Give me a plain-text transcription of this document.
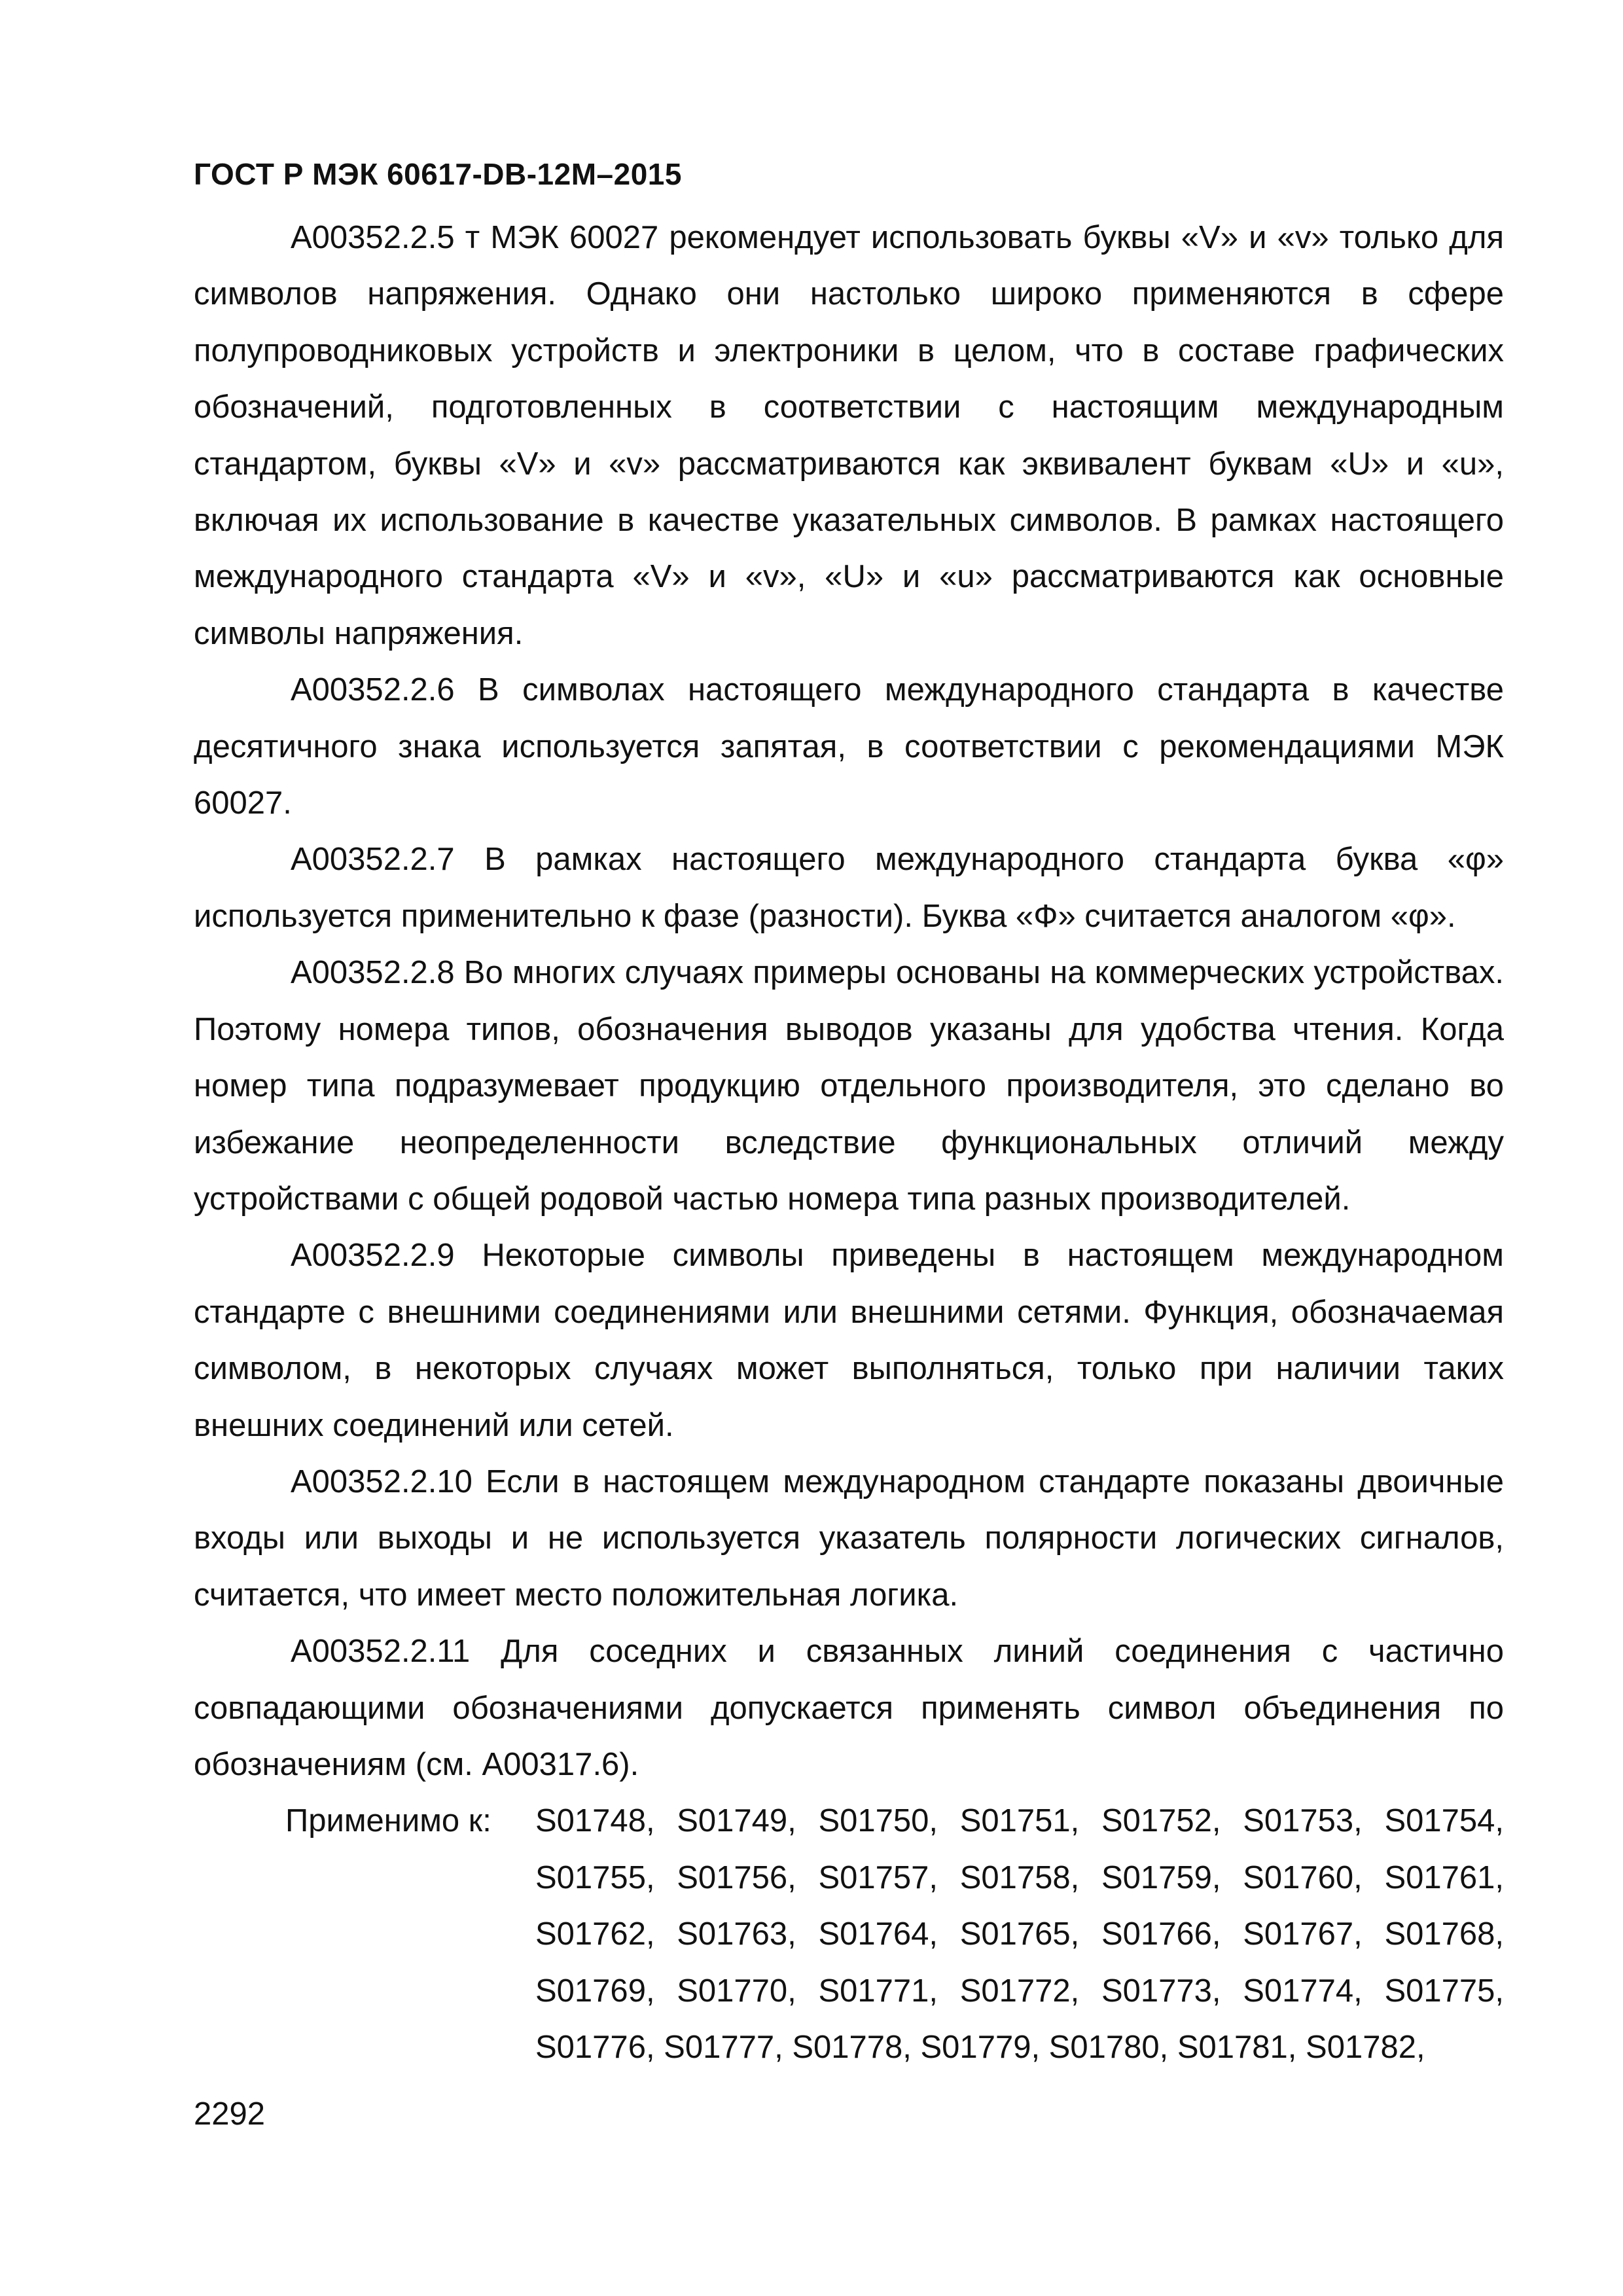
ГОСТ Р МЭК 60617-DB-12M–2015

A00352.2.5 т МЭК 60027 рекомендует использовать буквы «V» и «v» только для символов напряжения. Однако они настолько широко применяются в сфере полупроводниковых устройств и электроники в целом, что в составе графических обозначений, подготовленных в соответствии с настоящим международным стандартом, буквы «V» и «v» рассматриваются как эквивалент буквам «U» и «u», включая их использование в качестве указательных символов. В рамках настоящего международного стандарта «V» и «v», «U» и «u» рассматриваются как основные символы напряжения.

A00352.2.6 В символах настоящего международного стандарта в качестве десятичного знака используется запятая, в соответствии с рекомендациями МЭК 60027.

A00352.2.7 В рамках настоящего международного стандарта буква «φ» используется применительно к фазе (разности). Буква «Ф» считается аналогом «φ».

A00352.2.8 Во многих случаях примеры основаны на коммерческих устройствах. Поэтому номера типов, обозначения выводов указаны для удобства чтения. Когда номер типа подразумевает продукцию отдельного производителя, это сделано во избежание неопределенности вследствие функциональных отличий между устройствами с общей родовой частью номера типа разных производителей.

A00352.2.9 Некоторые символы приведены в настоящем международном стандарте с внешними соединениями или внешними сетями. Функция, обозначаемая символом, в некоторых случаях может выполняться, только при наличии таких внешних соединений или сетей.

A00352.2.10 Если в настоящем международном стандарте показаны двоичные входы или выходы и не используется указатель полярности логических сигналов, считается, что имеет место положительная логика.

A00352.2.11 Для соседних и связанных линий соединения с частично совпадающими обозначениями допускается применять символ объединения по обозначениям (см. A00317.6).

Применимо к:	S01748, S01749, S01750, S01751, S01752, S01753, S01754, S01755, S01756, S01757, S01758, S01759, S01760, S01761, S01762, S01763, S01764, S01765, S01766, S01767, S01768, S01769, S01770, S01771, S01772, S01773, S01774, S01775, S01776, S01777, S01778, S01779, S01780, S01781, S01782,
2292
